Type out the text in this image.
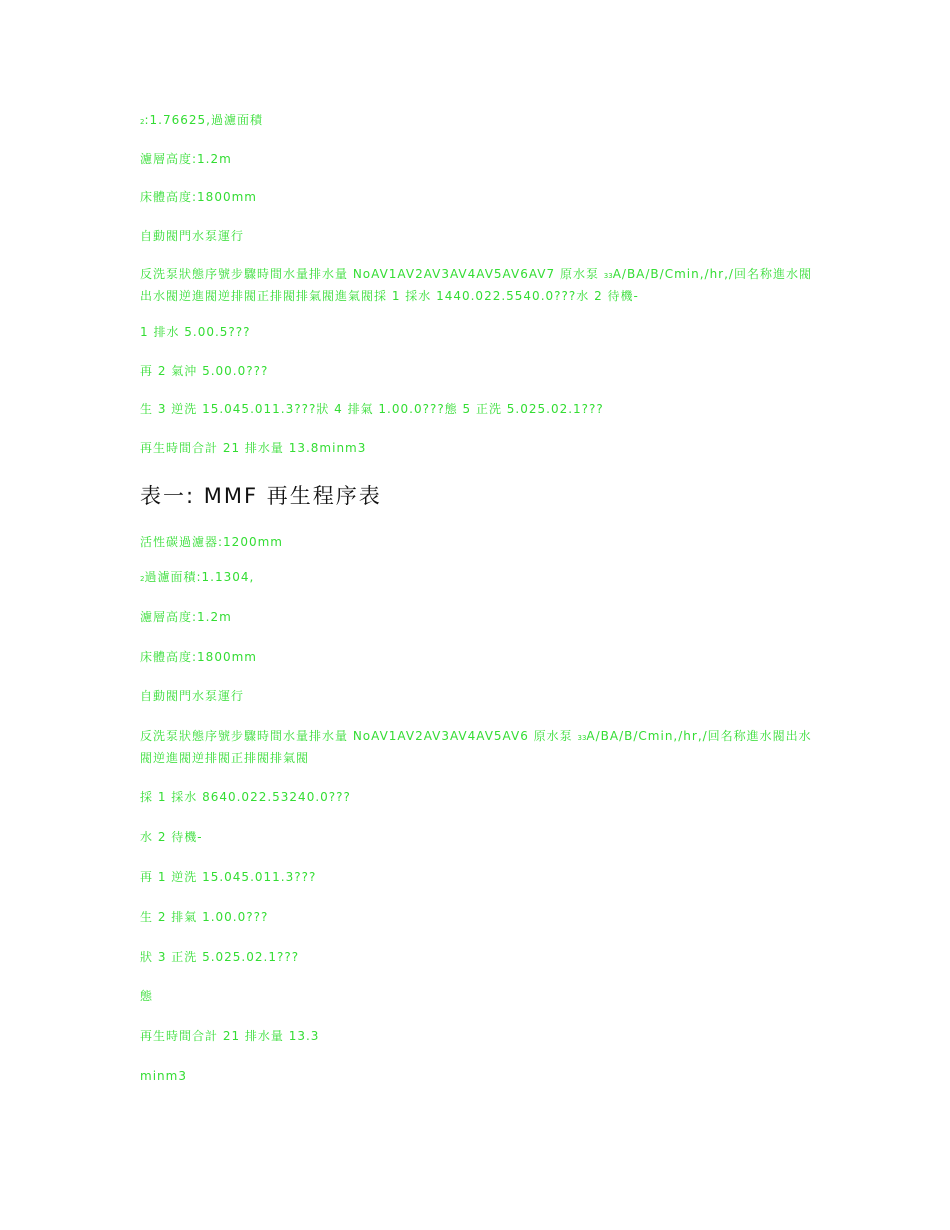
2:1.76625,過濾面積
濾層高度:1.2m
床體高度:1800mm
自動閥門水泵運行
反洗泵狀態序號步驟時間水量排水量 NoAV1AV2AV3AV4AV5AV6AV7 原水泵 33A/BA/B/Cmin,/hr,/回名称進水閥出水閥逆進閥逆排閥正排閥排氣閥進氣閥採 1 採水 1440.022.5540.0???水 2 待機-
1 排水 5.00.5???
再 2 氣沖 5.00.0???
生 3 逆洗 15.045.011.3???狀 4 排氣 1.00.0???態 5 正洗 5.025.02.1???
再生時間合計 21 排水量 13.8minm3
表一: MMF 再生程序表
活性碳過濾器:1200mm
2過濾面積:1.1304,
濾層高度:1.2m
床體高度:1800mm
自動閥門水泵運行
反洗泵狀態序號步驟時間水量排水量 NoAV1AV2AV3AV4AV5AV6 原水泵 33A/BA/B/Cmin,/hr,/回名称進水閥出水閥逆進閥逆排閥正排閥排氣閥
採 1 採水 8640.022.53240.0???
水 2 待機-
再 1 逆洗 15.045.011.3???
生 2 排氣 1.00.0???
狀 3 正洗 5.025.02.1???
態
再生時間合計 21 排水量 13.3
minm3
